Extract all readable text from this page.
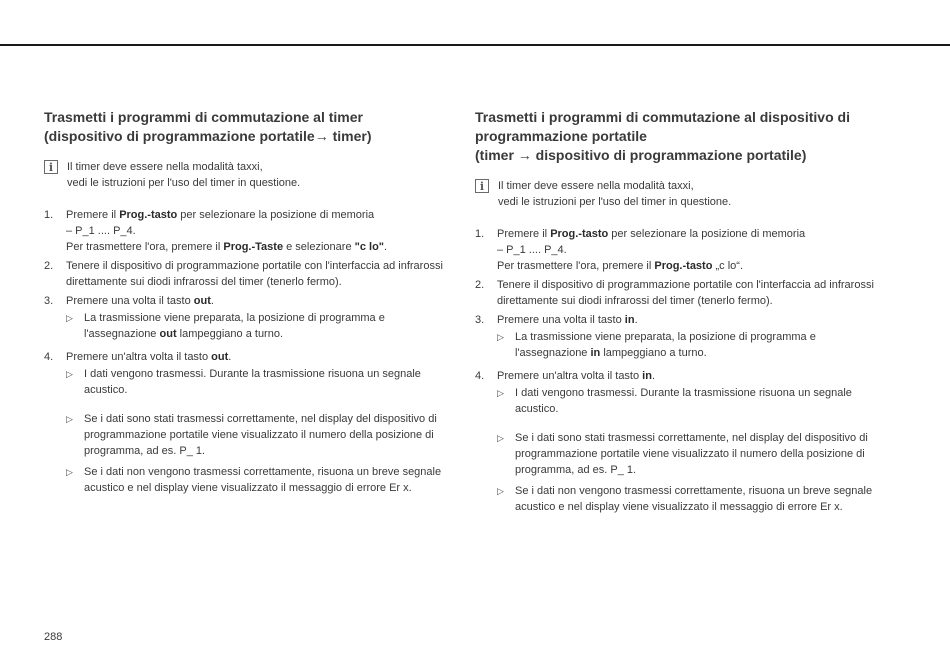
Trasmetti i programmi di commutazione al timer
(dispositivo di programmazione portatile→ timer)
i	Il timer deve essere nella modalità taxxi,
vedi le istruzioni per l'uso del timer in questione.
1. Premere il Prog.-tasto per selezionare la posizione di memoria
– P_1 .... P_4.
Per trasmettere l'ora, premere il Prog.-Taste e selezionare "c lo".
2. Tenere il dispositivo di programmazione portatile con l'interfaccia ad infrarossi
direttamente sui diodi infrarossi del timer (tenerlo fermo).
3. Premere una volta il tasto out.
▷ La trasmissione viene preparata, la posizione di programma e
l'assegnazione out lampeggiano a turno.
4. Premere un'altra volta il tasto out.
▷ I dati vengono trasmessi. Durante la trasmissione risuona un segnale
acustico.
▷ Se i dati sono stati trasmessi correttamente, nel display del dispositivo di
programmazione portatile viene visualizzato il numero della posizione di
programma, ad es. P_ 1.
▷ Se i dati non vengono trasmessi correttamente, risuona un breve segnale
acustico e nel display viene visualizzato il messaggio di errore Er x.
Trasmetti i programmi di commutazione al dispositivo di
programmazione portatile
(timer → dispositivo di programmazione portatile)
i	Il timer deve essere nella modalità taxxi,
vedi le istruzioni per l'uso del timer in questione.
1. Premere il Prog.-tasto per selezionare la posizione di memoria
– P_1 .... P_4.
Per trasmettere l'ora, premere il Prog.-tasto „c lo“.
2. Tenere il dispositivo di programmazione portatile con l'interfaccia ad infrarossi
direttamente sui diodi infrarossi del timer (tenerlo fermo).
3. Premere una volta il tasto in.
▷ La trasmissione viene preparata, la posizione di programma e
l'assegnazione in lampeggiano a turno.
4. Premere un'altra volta il tasto in.
▷ I dati vengono trasmessi. Durante la trasmissione risuona un segnale
acustico.
▷ Se i dati sono stati trasmessi correttamente, nel display del dispositivo di
programmazione portatile viene visualizzato il numero della posizione di
programma, ad es. P_ 1.
▷ Se i dati non vengono trasmessi correttamente, risuona un breve segnale
acustico e nel display viene visualizzato il messaggio di errore Er x.
288
